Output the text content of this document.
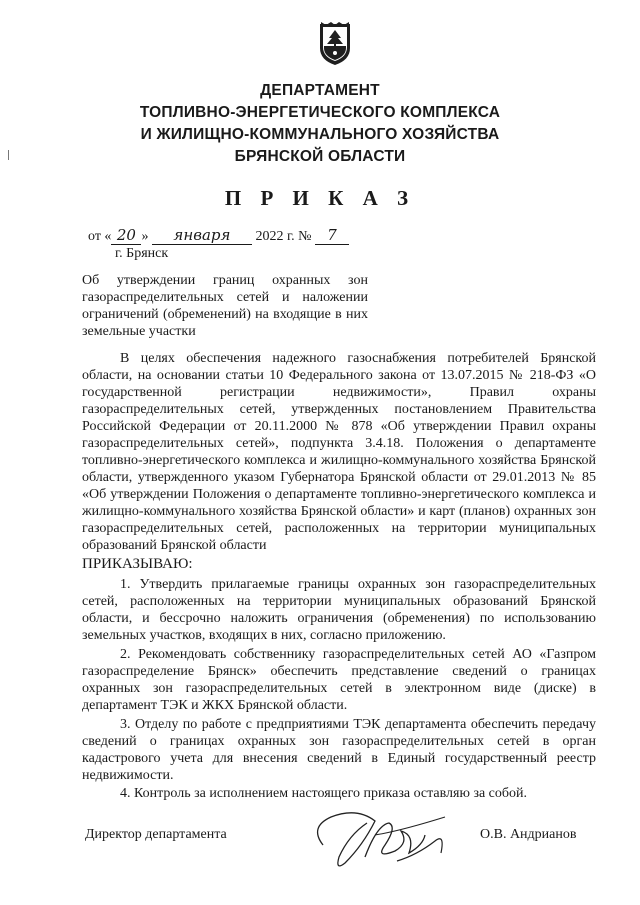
ДЕПАРТАМЕНТ
ТОПЛИВНО-ЭНЕРГЕТИЧЕСКОГО КОМПЛЕКСА
И ЖИЛИЩНО-КОММУНАЛЬНОГО ХОЗЯЙСТВА
БРЯНСКОЙ ОБЛАСТИ
П Р И К А З
от « 20 » января 2022 г. № 7
г. Брянск
Об утверждении границ охранных зон газораспределительных сетей и наложении ограничений (обременений) на входящие в них земельные участки
В целях обеспечения надежного газоснабжения потребителей Брянской области, на основании статьи 10 Федерального закона от 13.07.2015 № 218-ФЗ «О государственной регистрации недвижимости», Правил охраны газораспределительных сетей, утвержденных постановлением Правительства Российской Федерации от 20.11.2000 № 878 «Об утверждении Правил охраны газораспределительных сетей», подпункта 3.4.18. Положения о департаменте топливно-энергетического комплекса и жилищно-коммунального хозяйства Брянской области, утвержденного указом Губернатора Брянской области от 29.01.2013 № 85 «Об утверждении Положения о департаменте топливно-энергетического комплекса и жилищно-коммунального хозяйства Брянской области» и карт (планов) охранных зон газораспределительных сетей, расположенных на территории муниципальных образований Брянской области
ПРИКАЗЫВАЮ:
1. Утвердить прилагаемые границы охранных зон газораспределительных сетей, расположенных на территории муниципальных образований Брянской области, и бессрочно наложить ограничения (обременения) по использованию земельных участков, входящих в них, согласно приложению.
2. Рекомендовать собственнику газораспределительных сетей АО «Газпром газораспределение Брянск» обеспечить представление сведений о границах охранных зон газораспределительных сетей в электронном виде (диске) в департамент ТЭК и ЖКХ Брянской области.
3. Отделу по работе с предприятиями ТЭК департамента обеспечить передачу сведений о границах охранных зон газораспределительных сетей в орган кадастрового учета для внесения сведений в Единый государственный реестр недвижимости.
4. Контроль за исполнением настоящего приказа оставляю за собой.
Директор департамента	О.В. Андрианов
